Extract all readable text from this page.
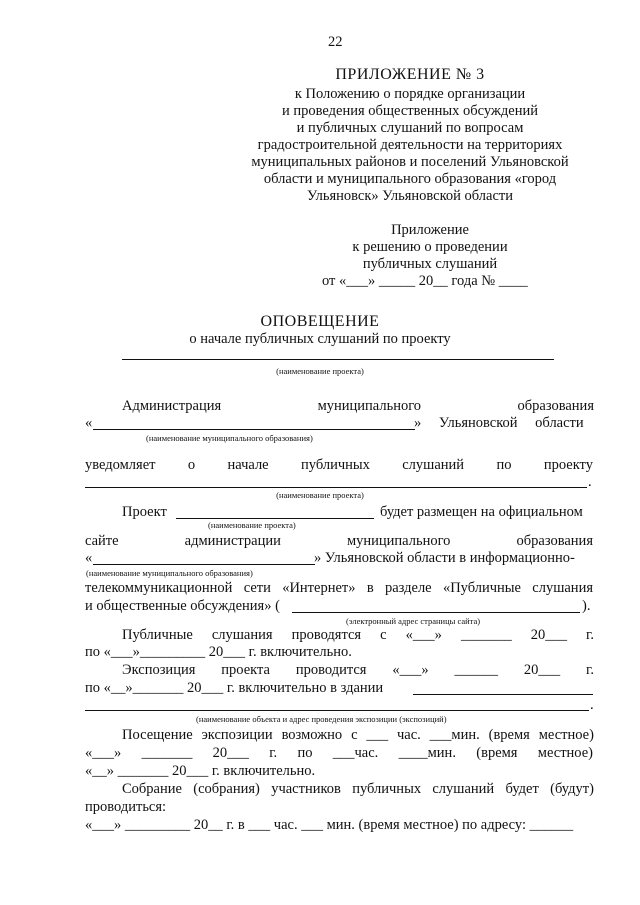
22
ПРИЛОЖЕНИЕ № 3
к Положению о порядке организации
и проведения общественных обсуждений
и публичных слушаний по вопросам
градостроительной деятельности на территориях
муниципальных районов и поселений Ульяновской
области и муниципального образования «город
Ульяновск» Ульяновской области
Приложение
к решению о проведении
публичных слушаний
от «___» _____ 20__ года № ____
ОПОВЕЩЕНИЕ
о начале публичных слушаний по проекту
(наименование проекта)
Администрация	муниципального	образования
«	» Ульяновской области
(наименование муниципального образования)
уведомляет о начале публичных слушаний по проекту
.
(наименование проекта)
Проект	будет размещен на официальном
(наименование проекта)
сайте	администрации	муниципального	образования
«	» Ульяновской области в информационно-
(наименование муниципального образования)
телекоммуникационной сети «Интернет» в разделе «Публичные слушания
и общественные обсуждения» (	).
(электронный адрес страницы сайта)
Публичные слушания проводятся с «___» _______ 20___ г.
по «___»_________ 20___ г. включительно.
Экспозиция проекта проводится «___» ______ 20___ г.
по «__»_______ 20___ г. включительно в здании
.
(наименование объекта и адрес проведения экспозиции (экспозиций)
Посещение экспозиции возможно с ___ час. ___мин. (время местное)
«___» _______ 20___ г. по ___час. ____мин. (время местное)
«__» _______ 20___ г. включительно.
Собрание (собрания) участников публичных слушаний будет (будут)
проводиться:
«___» _________ 20__ г. в ___ час. ___ мин. (время местное) по адресу: ______
